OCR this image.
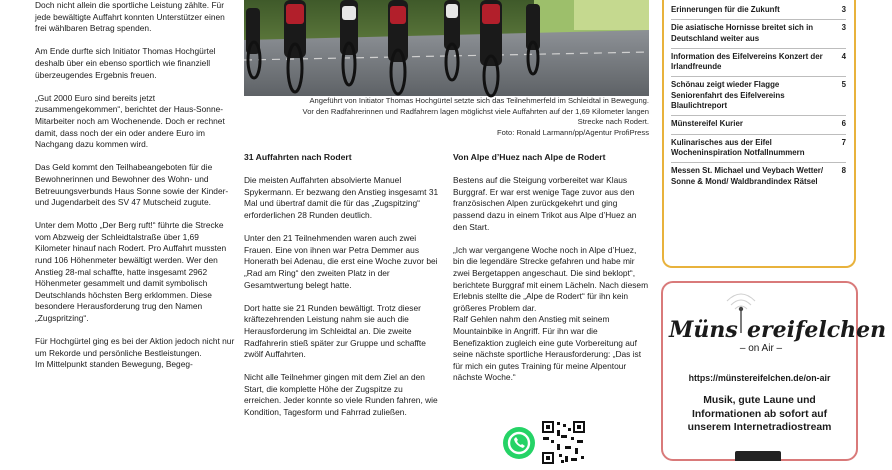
Doch nicht allein die sportliche Leistung zählte. Für jede bewältigte Auffahrt konnten Unterstützer einen frei wählbaren Betrag spenden.

Am Ende durfte sich Initiator Thomas Hochgürtel deshalb über ein ebenso sportlich wie finanziell überzeugendes Ergebnis freuen.

„Gut 2000 Euro sind bereits jetzt zusammengekommen“, berichtet der Haus-Sonne-Mitarbeiter noch am Wochenende. Doch er rechnet damit, dass noch der ein oder andere Euro im Nachgang dazu kommen wird.

Das Geld kommt den Teilhabeangeboten für die Bewohnerinnen und Bewohner des Wohn- und Betreuungsverbunds Haus Sonne sowie der Kinder- und Jugendarbeit des SV 47 Mutscheid zugute.

Unter dem Motto „Der Berg ruft!“ führte die Strecke vom Abzweig der Schleidtalstraße über 1,69 Kilometer hinauf nach Rodert. Pro Auffahrt mussten rund 106 Höhenmeter bewältigt werden. Wer den Anstieg 28-mal schaffte, hatte insgesamt 2962 Höhenmeter gesammelt und damit symbolisch Deutschlands höchsten Berg erklommen. Diese besondere Herausforderung trug den Namen „Zugspritzing“.

Für Hochgürtel ging es bei der Aktion jedoch nicht nur um Rekorde und persönliche Bestleistungen.

Im Mittelpunkt standen Bewegung, Begeg-

Angeführt von Initiator Thomas Hochgürtel setzte sich das Teilnehmerfeld im Schleidtal in Bewegung.
Vor den Radfahrerinnen und Radfahrern lagen möglichst viele Auffahrten auf der 1,69 Kilometer langen
Strecke nach Rodert.
Foto: Ronald Larmann/pp/Agentur ProfiPress
31 Auffahrten nach Rodert

Die meisten Auffahrten absolvierte Manuel Spykermann. Er bezwang den Anstieg insgesamt 31 Mal und übertraf damit die für das „Zugspitzing“ erforderlichen 28 Runden deutlich.

Unter den 21 Teilnehmenden waren auch zwei Frauen. Eine von ihnen war Petra Demmer aus Honerath bei Adenau, die erst eine Woche zuvor bei „Rad am Ring“ den zweiten Platz in der Gesamtwertung belegt hatte.

Dort hatte sie 21 Runden bewältigt. Trotz dieser kräftezehrenden Leistung nahm sie auch die Herausforderung im Schleidtal an. Die zweite Radfahrerin stieß später zur Gruppe und schaffte zwölf Auffahrten.

Nicht alle Teilnehmer gingen mit dem Ziel an den Start, die komplette Höhe der Zugspitze zu erreichen. Jeder konnte so viele Runden fahren, wie Kondition, Tagesform und Fahrrad zuließen.

Von Alpe d’Huez nach Alpe de Rodert

Bestens auf die Steigung vorbereitet war Klaus Burggraf. Er war erst wenige Tage zuvor aus den französischen Alpen zurückgekehrt und ging passend dazu in einem Trikot aus Alpe d’Huez an den Start.

„Ich war vergangene Woche noch in Alpe d’Huez, bin die legendäre Strecke gefahren und habe mir zwei Bergetappen angeschaut. Die sind beklopt“, berichtete Burggraf mit einem Lächeln. Nach diesem Erlebnis stellte die „Alpe de Rodert“ für ihn kein größeres Problem dar.

Ralf Gehlen nahm den Anstieg mit seinem Mountainbike in Angriff. Für ihn war die Benefizaktion zugleich eine gute Vorbereitung auf seine nächste sportliche Herausforderung: „Das ist für mich ein gutes Training für meine Alpentour nächste Woche.“

Erinnerungen für die Zukunft	3
Die asiatische Hornisse breitet sich in Deutschland weiter aus
3
Information des Eifelvereins Konzert der Irlandfreunde
4
Schönau zeigt wieder Flagge Seniorenfahrt des Eifelvereins Blaulichtreport
5
Münstereifel Kurier	6
Kulinarisches aus der Eifel Wocheninspiration Notfallnummern
7
Messen St. Michael und Veybach Wetter/ Sonne & Mond/ Waldbrandindex Rätsel
8
Müns ereifelchen
– on Air –
https://münstereifelchen.de/on-air
Musik, gute Laune und Informationen ab sofort auf unserem Internetradiostream
